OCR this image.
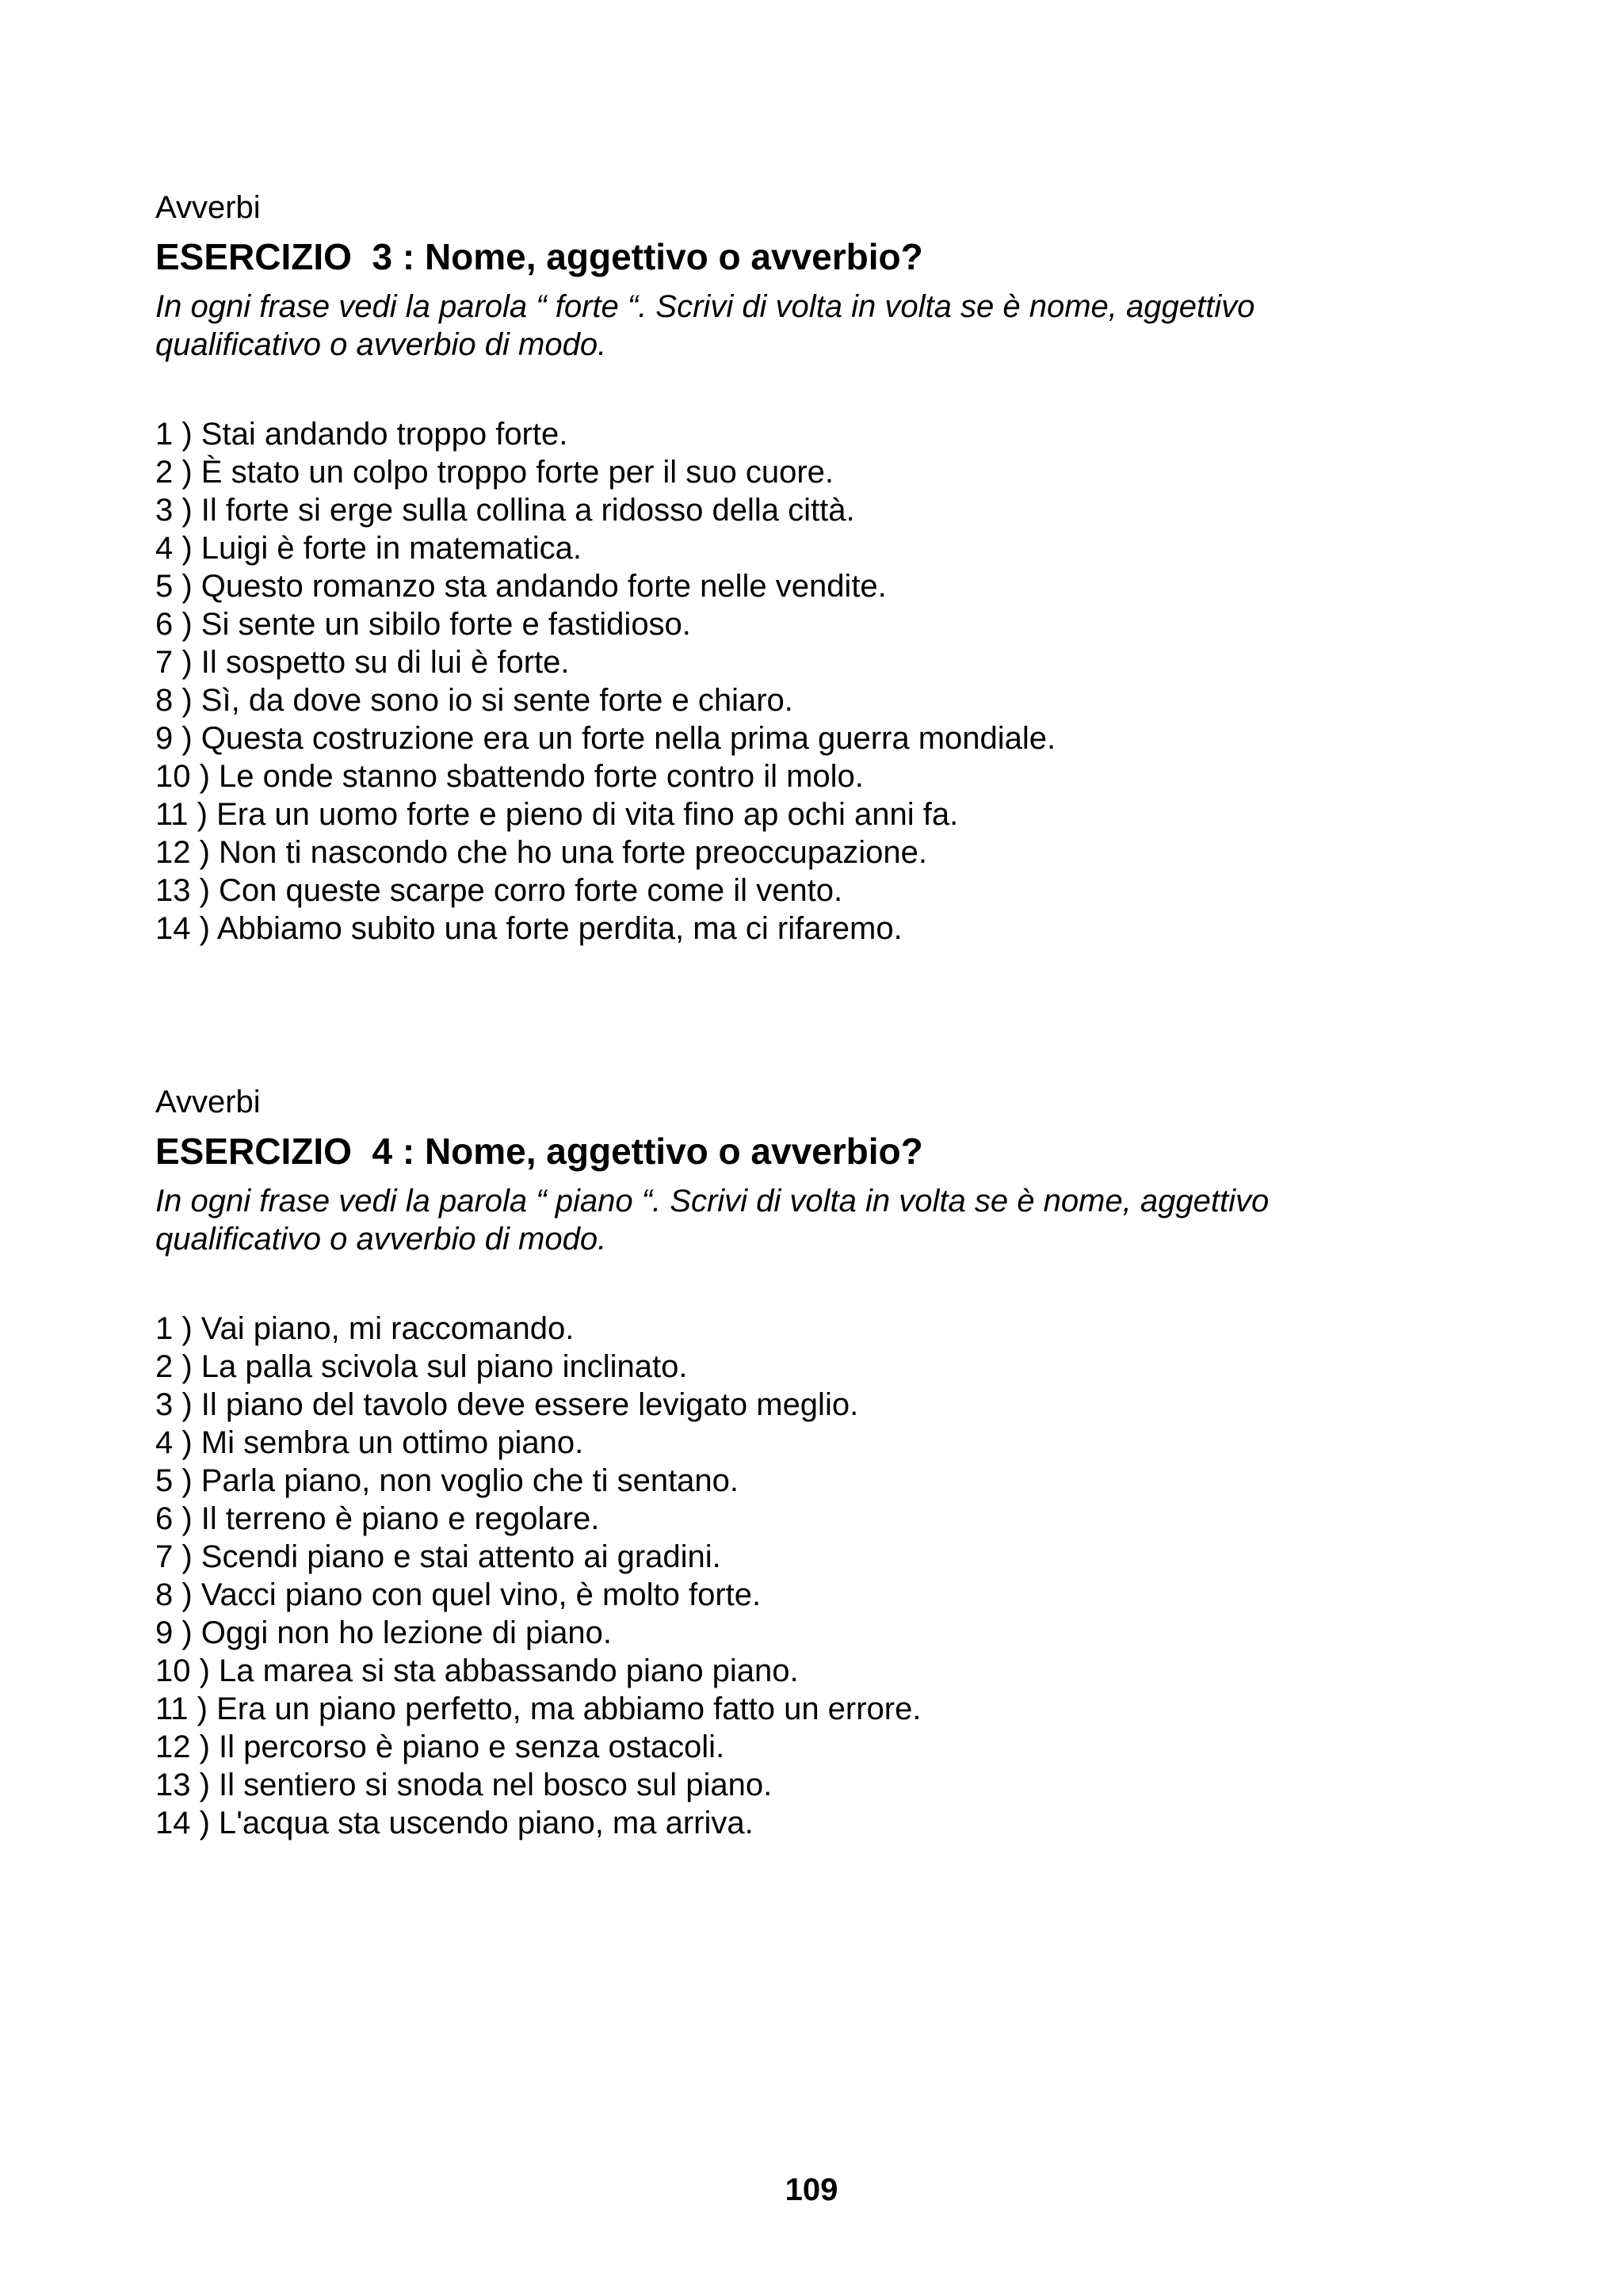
Avverbi

ESERCIZIO  3 : Nome, aggettivo o avverbio?

In ogni frase vedi la parola “ forte “. Scrivi di volta in volta se è nome, aggettivo qualificativo o avverbio di modo.

1 ) Stai andando troppo forte.
2 ) È stato un colpo troppo forte per il suo cuore.
3 ) Il forte si erge sulla collina a ridosso della città.
4 ) Luigi è forte in matematica.
5 ) Questo romanzo sta andando forte nelle vendite.
6 ) Si sente un sibilo forte e fastidioso.
7 ) Il sospetto su di lui è forte.
8 ) Sì, da dove sono io si sente forte e chiaro.
9 ) Questa costruzione era un forte nella prima guerra mondiale.
10 ) Le onde stanno sbattendo forte contro il molo.
11 ) Era un uomo forte e pieno di vita fino ap ochi anni fa.
12 ) Non ti nascondo che ho una forte preoccupazione.
13 ) Con queste scarpe corro forte come il vento.
14 ) Abbiamo subito una forte perdita, ma ci rifaremo.

Avverbi

ESERCIZIO  4 : Nome, aggettivo o avverbio?

In ogni frase vedi la parola “ piano “. Scrivi di volta in volta se è nome, aggettivo qualificativo o avverbio di modo.

1 ) Vai piano, mi raccomando.
2 ) La palla scivola sul piano inclinato.
3 ) Il piano del tavolo deve essere levigato meglio.
4 ) Mi sembra un ottimo piano.
5 ) Parla piano, non voglio che ti sentano.
6 ) Il terreno è piano e regolare.
7 ) Scendi piano e stai attento ai gradini.
8 ) Vacci piano con quel vino, è molto forte.
9 ) Oggi non ho lezione di piano.
10 ) La marea si sta abbassando piano piano.
11 ) Era un piano perfetto, ma abbiamo fatto un errore.
12 ) Il percorso è piano e senza ostacoli.
13 ) Il sentiero si snoda nel bosco sul piano.
14 ) L'acqua sta uscendo piano, ma arriva.
109
